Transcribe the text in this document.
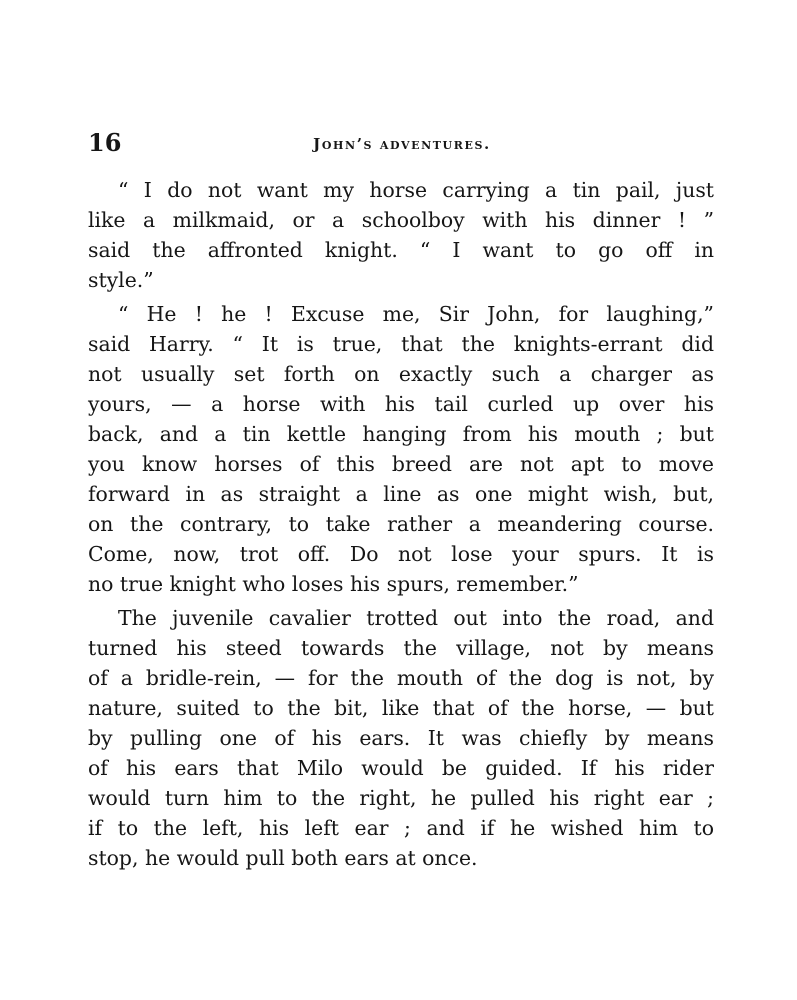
16	john’s adventures.

“ I do not want my horse carrying a tin pail, just
like a milkmaid, or a schoolboy with his dinner ! ”
said the affronted knight. “ I want to go off in
style.”

“ He ! he ! Excuse me, Sir John, for laughing,”
said Harry. “ It is true, that the knights-errant did
not usually set forth on exactly such a charger as
yours, — a horse with his tail curled up over his
back, and a tin kettle hanging from his mouth ; but
you know horses of this breed are not apt to move
forward in as straight a line as one might wish, but,
on the contrary, to take rather a meandering course.
Come, now, trot off. Do not lose your spurs. It is
no true knight who loses his spurs, remember.”

The juvenile cavalier trotted out into the road, and
turned his steed towards the village, not by means
of a bridle-rein, — for the mouth of the dog is not, by
nature, suited to the bit, like that of the horse, — but
by pulling one of his ears. It was chiefly by means
of his ears that Milo would be guided. If his rider
would turn him to the right, he pulled his right ear ;
if to the left, his left ear ; and if he wished him to
stop, he would pull both ears at once.
